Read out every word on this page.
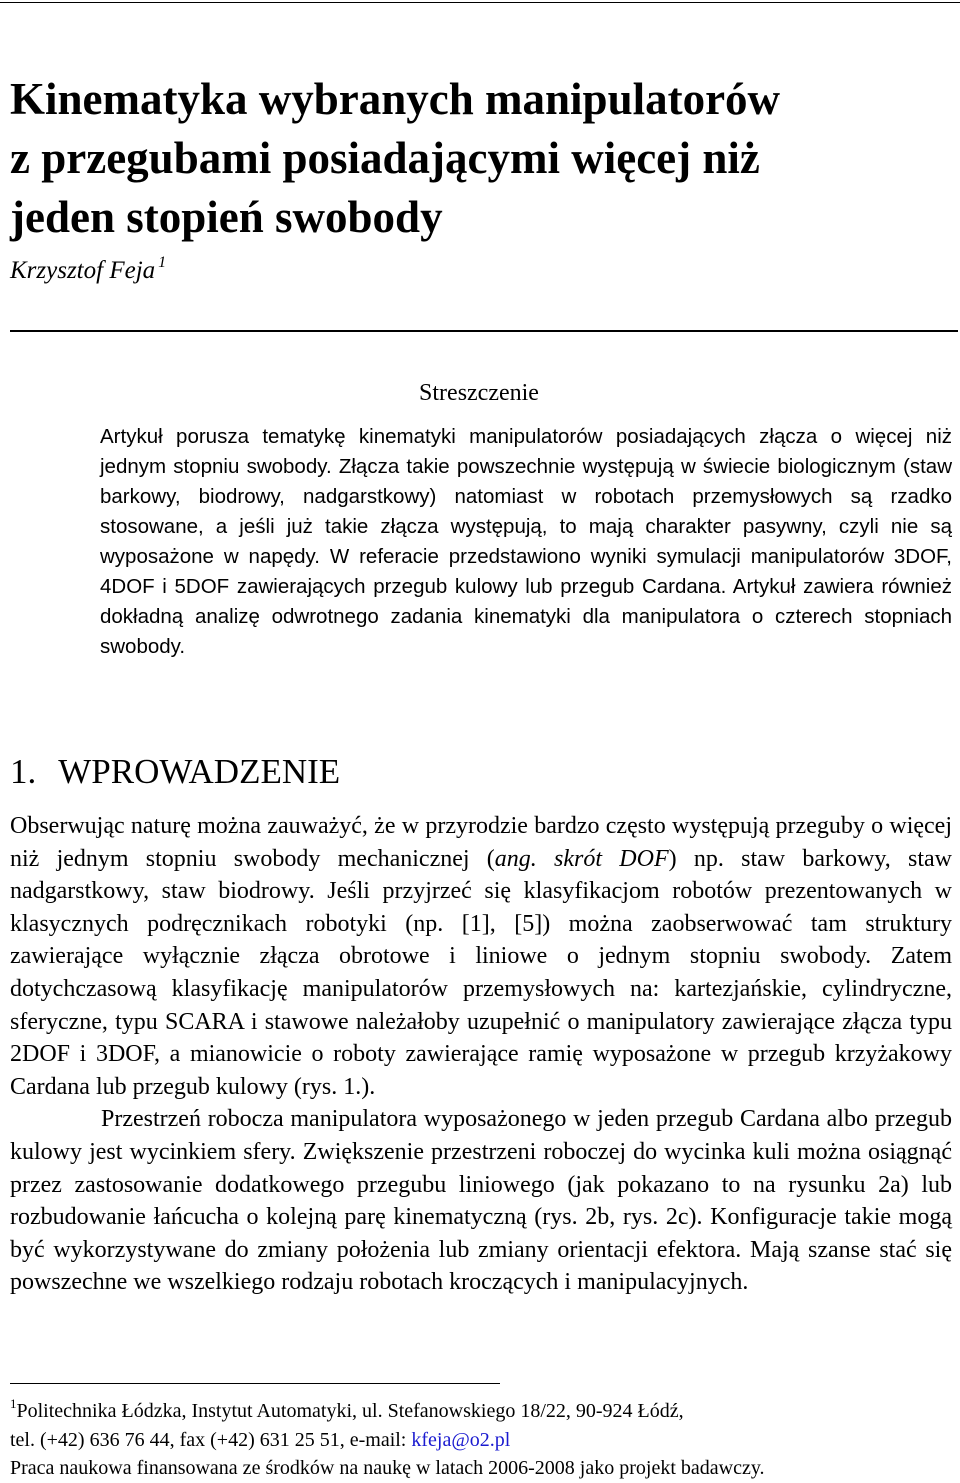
Kinematyka wybranych manipulatorów
z przegubami posiadającymi więcej niż
jeden stopień swobody
Krzysztof Feja $^1$
Streszczenie

Artykuł porusza tematykę kinematyki manipulatorów posiadających złącza o więcej niż jednym stopniu swobody. Złącza takie powszechnie występują w świecie biologicznym (staw barkowy, biodrowy, nadgarstkowy) natomiast w robotach przemysłowych są rzadko stosowane, a jeśli już takie złącza występują, to mają charakter pasywny, czyli nie są wyposażone w napędy. W referacie przedstawiono wyniki symulacji manipulatorów 3DOF, 4DOF i 5DOF zawierających przegub kulowy lub przegub Cardana. Artykuł zawiera również dokładną analizę odwrotnego zadania kinematyki dla manipulatora o czterech stopniach swobody.

1. WPROWADZENIE

Obserwując naturę można zauważyć, że w przyrodzie bardzo często występują przeguby o więcej niż jednym stopniu swobody mechanicznej (ang. skrót DOF) np. staw barkowy, staw nadgarstkowy, staw biodrowy. Jeśli przyjrzeć się klasyfikacjom robotów prezentowanych w klasycznych podręcznikach robotyki (np. [1], [5]) można zaobserwować tam struktury zawierające wyłącznie złącza obrotowe i liniowe o jednym stopniu swobody. Zatem dotychczasową klasyfikację manipulatorów przemysłowych na: kartezjańskie, cylindryczne, sferyczne, typu SCARA i stawowe należałoby uzupełnić o manipulatory zawierające złącza typu 2DOF i 3DOF, a mianowicie o roboty zawierające ramię wyposażone w przegub krzyżakowy Cardana lub przegub kulowy (rys. 1.).

Przestrzeń robocza manipulatora wyposażonego w jeden przegub Cardana albo przegub kulowy jest wycinkiem sfery. Zwiększenie przestrzeni roboczej do wycinka kuli można osiągnąć przez zastosowanie dodatkowego przegubu liniowego (jak pokazano to na rysunku 2a) lub rozbudowanie łańcucha o kolejną parę kinematyczną (rys. 2b, rys. 2c). Konfiguracje takie mogą być wykorzystywane do zmiany położenia lub zmiany orientacji efektora. Mają szanse stać się powszechne we wszelkiego rodzaju robotach kroczących i manipulacyjnych.

$^1$Politechnika Łódzka, Instytut Automatyki, ul. Stefanowskiego 18/22, 90-924 Łódź,
tel. (+42) 636 76 44, fax (+42) 631 25 51, e-mail: kfeja@o2.pl
Praca naukowa finansowana ze środków na naukę w latach 2006-2008 jako projekt badawczy.
